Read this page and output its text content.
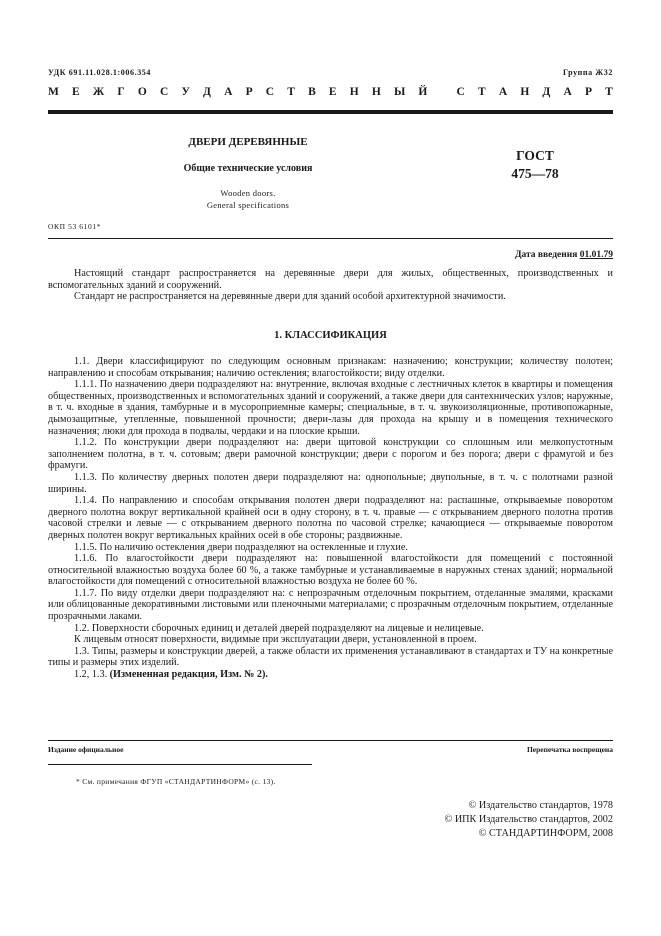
УДК 691.11.028.1:006.354	Группа Ж32
М Е Ж Г О С У Д А Р С Т В Е Н Н Ы Й
	С Т А Н Д А Р Т
ДВЕРИ ДЕРЕВЯННЫЕ
Общие технические условия
Wooden doors.
General specifications
ГОСТ
475—78
ОКП 53 6101*
Дата введения 01.01.79

Настоящий стандарт распространяется на деревянные двери для жилых, общественных, производственных и вспомогательных зданий и сооружений.

Стандарт не распространяется на деревянные двери для зданий особой архитектурной значимости.

1. КЛАССИФИКАЦИЯ

1.1. Двери классифицируют по следующим основным признакам: назначению; конструкции; количеству полотен; направлению и способам открывания; наличию остекления; влагостойкости; виду отделки.

1.1.1. По назначению двери подразделяют на: внутренние, включая входные с лестничных клеток в квартиры и помещения общественных, производственных и вспомогательных зданий и сооружений, а также двери для сантехнических узлов; наружные, в т. ч. входные в здания, тамбурные и в мусороприемные камеры; специальные, в т. ч. звукоизоляционные, противопожарные, дымозащитные, утепленные, повышенной прочности; двери-лазы для прохода на крышу и в помещения технического назначения; люки для прохода в подвалы, чердаки и на плоские крыши.

1.1.2. По конструкции двери подразделяют на: двери щитовой конструкции со сплошным или мелкопустотным заполнением полотна, в т. ч. сотовым; двери рамочной конструкции; двери с порогом и без порога; двери с фрамугой и без фрамуги.

1.1.3. По количеству дверных полотен двери подразделяют на: однопольные; двупольные, в т. ч. с полотнами разной ширины.

1.1.4. По направлению и способам открывания полотен двери подразделяют на: распашные, открываемые поворотом дверного полотна вокруг вертикальной крайней оси в одну сторону, в т. ч. правые — с открыванием дверного полотна против часовой стрелки и левые — с открыванием дверного полотна по часовой стрелке; качающиеся — открываемые поворотом дверных полотен вокруг вертикальных крайних осей в обе стороны; раздвижные.

1.1.5. По наличию остекления двери подразделяют на остекленные и глухие.

1.1.6. По влагостойкости двери подразделяют на: повышенной влагостойкости для помещений с постоянной относительной влажностью воздуха более 60 %, а также тамбурные и устанавливаемые в наружных стенах зданий; нормальной влагостойкости для помещений с относительной влажностью воздуха не более 60 %.

1.1.7. По виду отделки двери подразделяют на: с непрозрачным отделочным покрытием, отделанные эмалями, красками или облицованные декоративными листовыми или пленочными материалами; с прозрачным отделочным покрытием, отделанные прозрачными лаками.

1.2. Поверхности сборочных единиц и деталей дверей подразделяют на лицевые и нелицевые.

К лицевым относят поверхности, видимые при эксплуатации двери, установленной в проем.

1.3. Типы, размеры и конструкции дверей, а также области их применения устанавливают в стандартах и ТУ на конкретные типы и размеры этих изделий.

1.2, 1.3. (Измененная редакция, Изм. № 2).

Издание официальное	Перепечатка воспрещена
* См. примечания ФГУП «СТАНДАРТИНФОРМ» (с. 13).
© Издательство стандартов, 1978
© ИПК Издательство стандартов, 2002
© СТАНДАРТИНФОРМ, 2008
